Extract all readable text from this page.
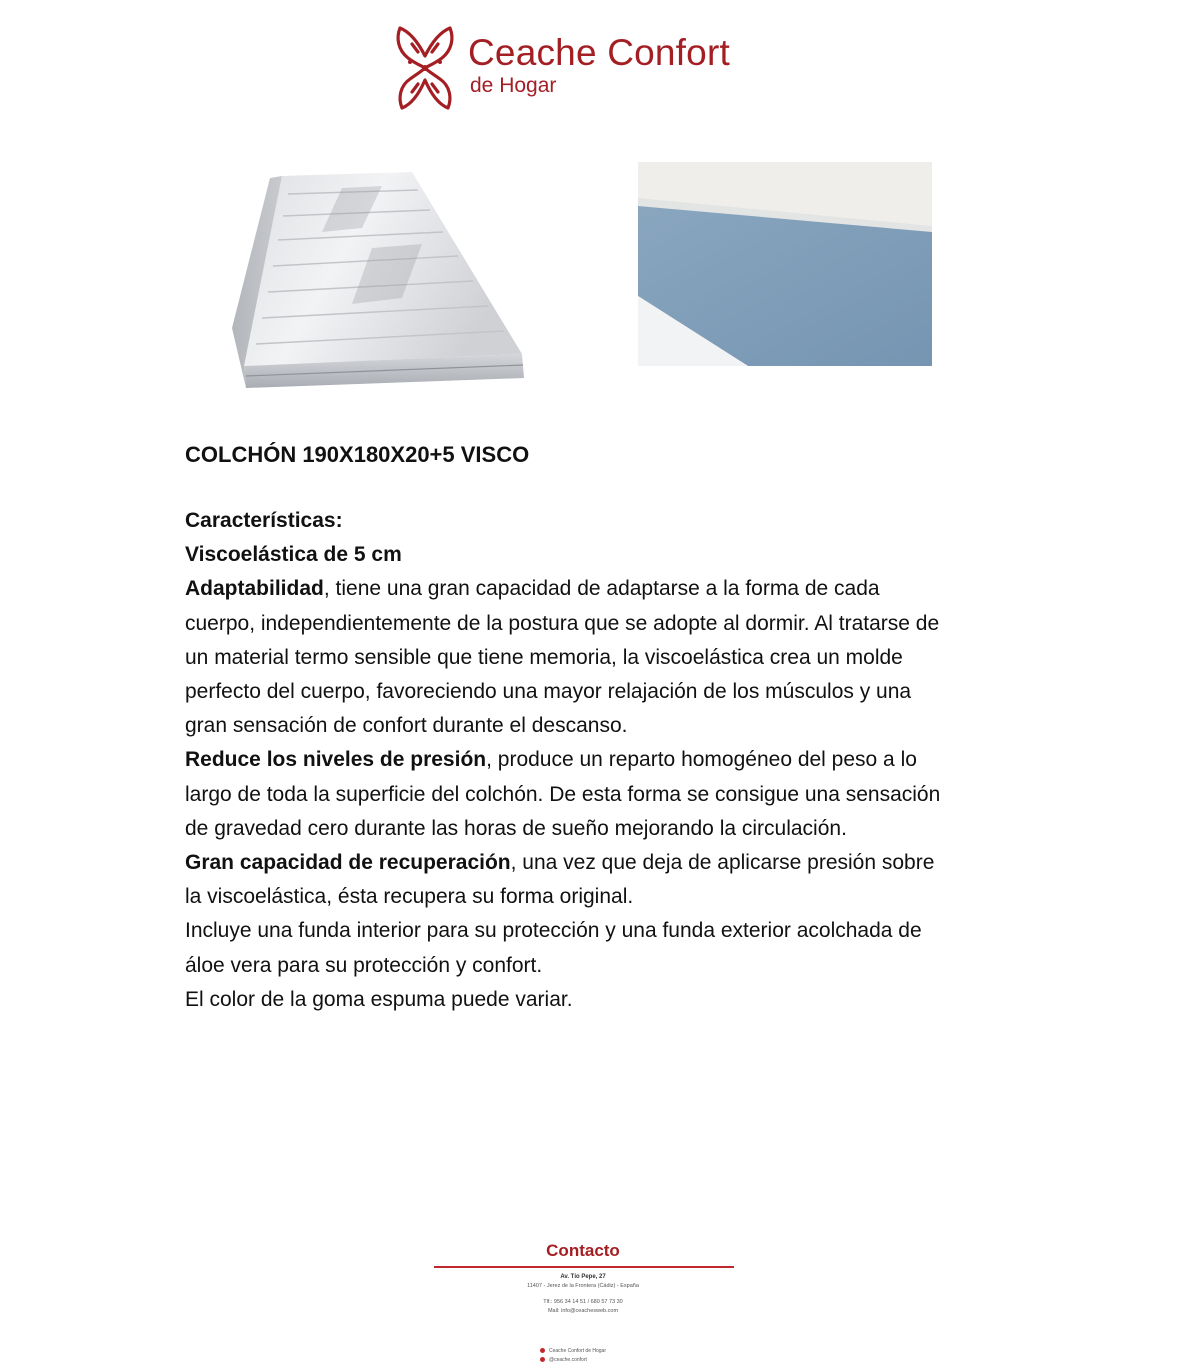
Ceache Confort
de Hogar
COLCHÓN 190X180X20+5 VISCO

Características:

Viscoelástica de 5 cm

Adaptabilidad, tiene una gran capacidad de adaptarse a la forma de cada cuerpo, independientemente de la postura que se adopte al dormir. Al tratarse de un material termo sensible que tiene memoria, la viscoelástica crea un molde perfecto del cuerpo, favoreciendo una mayor relajación de los músculos y una gran sensación de confort durante el descanso.

Reduce los niveles de presión, produce un reparto homogéneo del peso a lo largo de toda la superficie del colchón. De esta forma se consigue una sensación de gravedad cero durante las horas de sueño mejorando la circulación.

Gran capacidad de recuperación, una vez que deja de aplicarse presión sobre la viscoelástica, ésta recupera su forma original.

Incluye una funda interior para su protección y una funda exterior acolchada de áloe vera para su protección y confort.

El color de la goma espuma puede variar.

Contacto
Av. Tío Pepe, 27
11407 - Jerez de la Frontera (Cádiz) - España
Tlf.: 956 34 14 51 / 680 57 73 30
Mail: info@ceachesweb.com
Ceache Confort de Hogar
@ceache.confort
